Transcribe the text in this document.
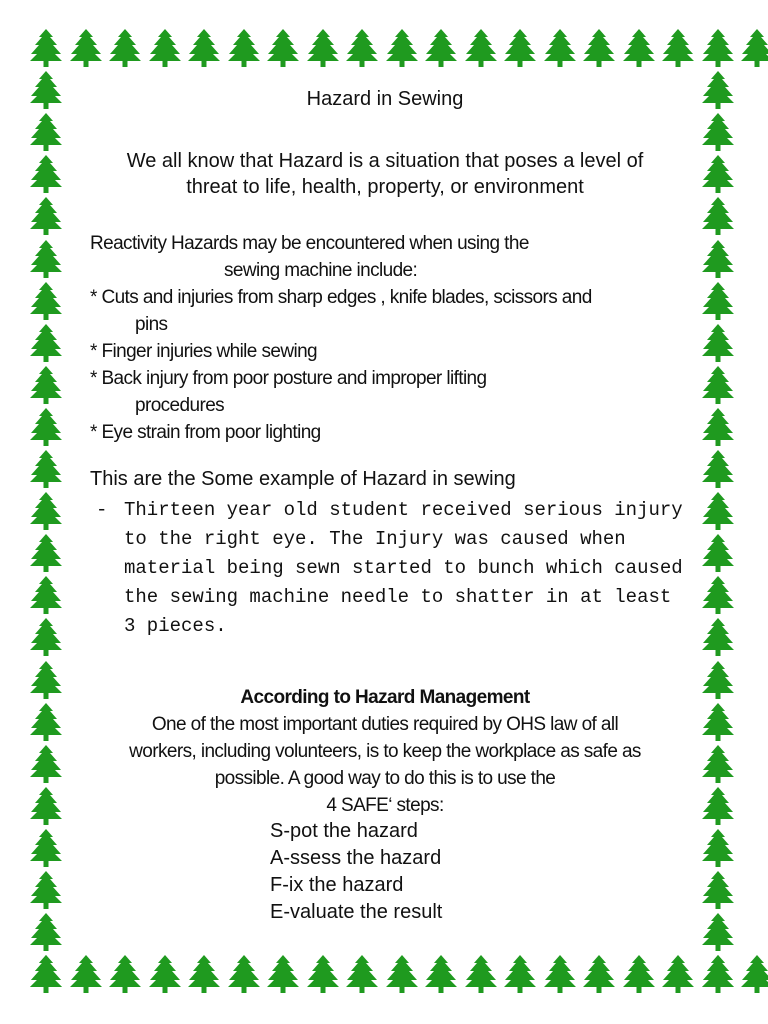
Hazard in Sewing
We all know that Hazard is a situation that poses a level of
threat to life, health, property, or environment
Reactivity Hazards may be encountered when using the
sewing machine include:
* Cuts and injuries from sharp edges , knife blades, scissors and
pins
* Finger injuries while sewing
* Back injury from poor posture and improper lifting
procedures
* Eye strain from poor lighting
This are the Some example of Hazard in sewing
- Thirteen year old student received serious injury to the right eye. The Injury was caused when material being sewn started to bunch which caused the sewing machine needle to shatter in at least 3 pieces.
According to Hazard Management
One of the most important duties required by OHS law of all
workers, including volunteers, is to keep the workplace as safe as
possible. A good way to do this is to use the
4 SAFE‘ steps:
S-pot the hazard
A-ssess the hazard
F-ix the hazard
E-valuate the result
